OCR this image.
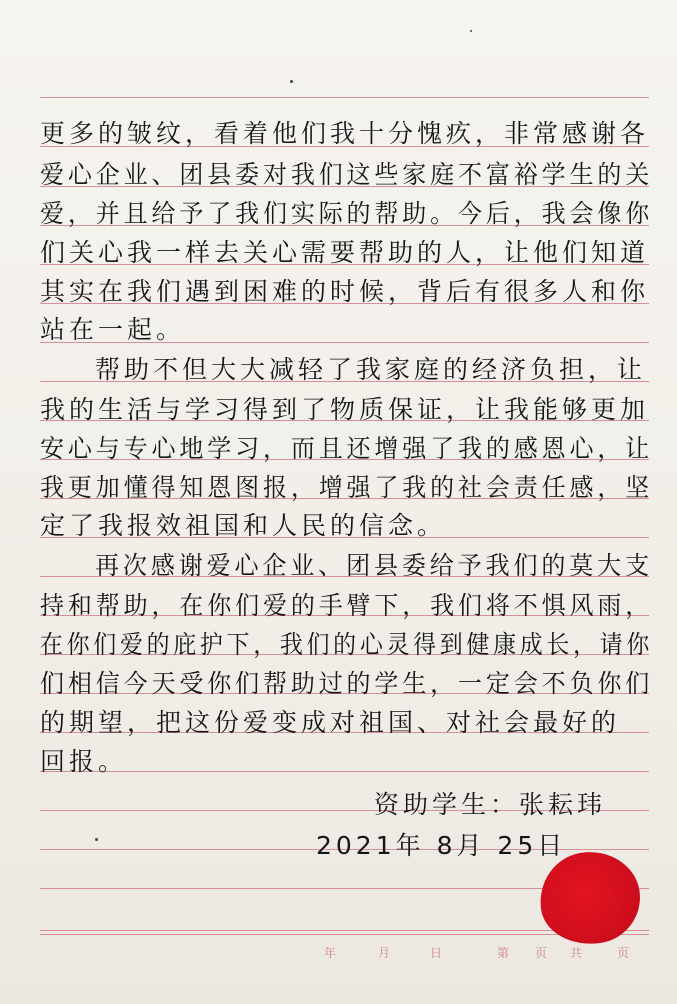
更多的皱纹，看着他们我十分愧疚，非常感谢各
爱心企业、团县委对我们这些家庭不富裕学生的关
爱，并且给予了我们实际的帮助。今后，我会像你
们关心我一样去关心需要帮助的人，让他们知道
其实在我们遇到困难的时候，背后有很多人和你
站在一起。
帮助不但大大减轻了我家庭的经济负担，让
我的生活与学习得到了物质保证，让我能够更加
安心与专心地学习，而且还增强了我的感恩心，让
我更加懂得知恩图报，增强了我的社会责任感，坚
定了我报效祖国和人民的信念。
再次感谢爱心企业、团县委给予我们的莫大支
持和帮助，在你们爱的手臂下，我们将不惧风雨，
在你们爱的庇护下，我们的心灵得到健康成长，请你
们相信今天受你们帮助过的学生，一定会不负你们
的期望，把这份爱变成对祖国、对社会最好的
回报。
资助学生：张耘玮
2021年 8月 25日
年	月	日	第 页 共	页
